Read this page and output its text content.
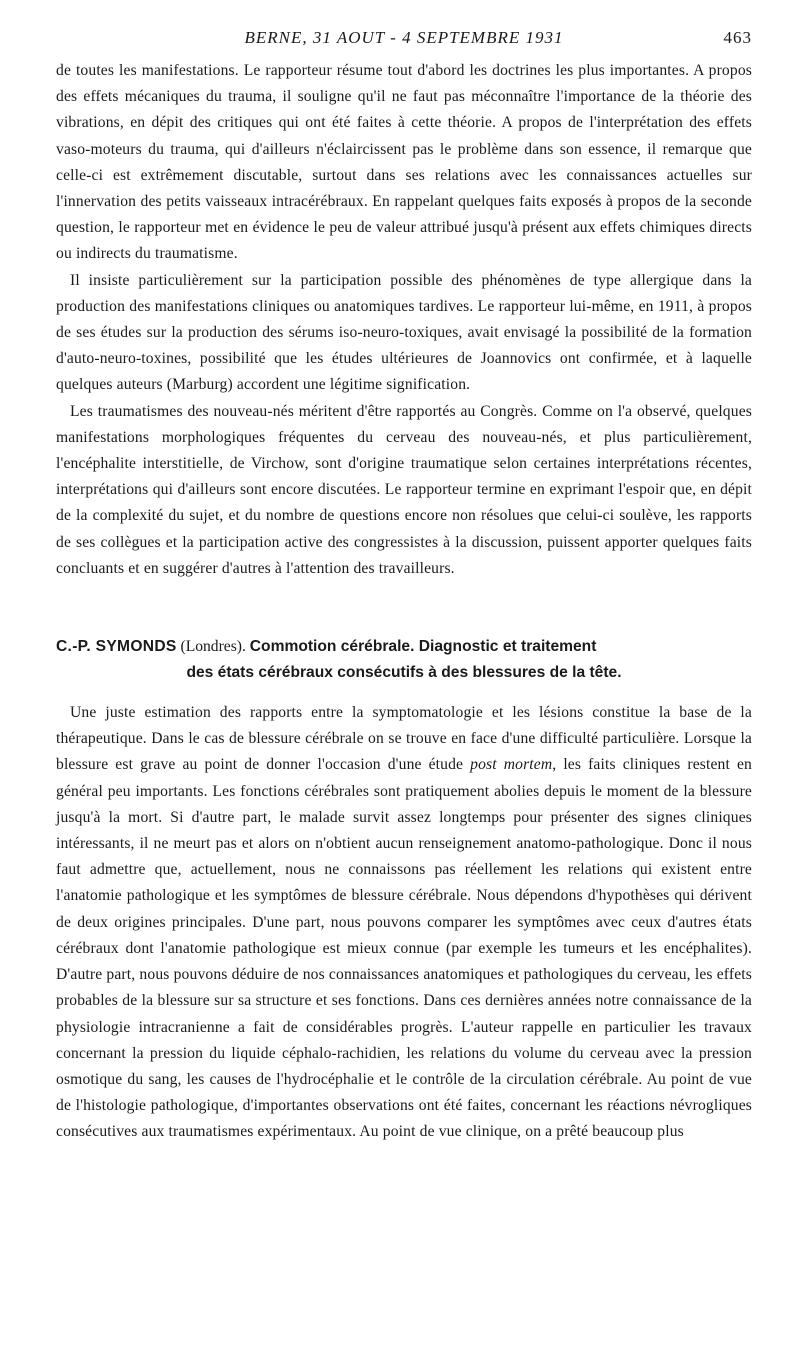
BERNE, 31 AOUT - 4 SEPTEMBRE 1931	463

de toutes les manifestations. Le rapporteur résume tout d'abord les doctrines les plus importantes. A propos des effets mécaniques du trauma, il souligne qu'il ne faut pas méconnaître l'importance de la théorie des vibrations, en dépit des critiques qui ont été faites à cette théorie. A propos de l'interprétation des effets vaso-moteurs du trauma, qui d'ailleurs n'éclaircissent pas le problème dans son essence, il remarque que celle-ci est extrêmement discutable, surtout dans ses relations avec les connaissances actuelles sur l'innervation des petits vaisseaux intracérébraux. En rappelant quelques faits exposés à propos de la seconde question, le rapporteur met en évidence le peu de valeur attribué jusqu'à présent aux effets chimiques directs ou indirects du traumatisme.

Il insiste particulièrement sur la participation possible des phénomènes de type allergique dans la production des manifestations cliniques ou anatomiques tardives. Le rapporteur lui-même, en 1911, à propos de ses études sur la production des sérums iso-neuro-toxiques, avait envisagé la possibilité de la formation d'auto-neuro-toxines, possibilité que les études ultérieures de Joannovics ont confirmée, et à laquelle quelques auteurs (Marburg) accordent une légitime signification.

Les traumatismes des nouveau-nés méritent d'être rapportés au Congrès. Comme on l'a observé, quelques manifestations morphologiques fréquentes du cerveau des nouveau-nés, et plus particulièrement, l'encéphalite interstitielle, de Virchow, sont d'origine traumatique selon certaines interprétations récentes, interprétations qui d'ailleurs sont encore discutées. Le rapporteur termine en exprimant l'espoir que, en dépit de la complexité du sujet, et du nombre de questions encore non résolues que celui-ci soulève, les rapports de ses collègues et la participation active des congressistes à la discussion, puissent apporter quelques faits concluants et en suggérer d'autres à l'attention des travailleurs.

C.-P. SYMONDS (Londres). Commotion cérébrale. Diagnostic et traitement
des états cérébraux consécutifs à des blessures de la tête.

Une juste estimation des rapports entre la symptomatologie et les lésions constitue la base de la thérapeutique. Dans le cas de blessure cérébrale on se trouve en face d'une difficulté particulière. Lorsque la blessure est grave au point de donner l'occasion d'une étude post mortem, les faits cliniques restent en général peu importants. Les fonctions cérébrales sont pratiquement abolies depuis le moment de la blessure jusqu'à la mort. Si d'autre part, le malade survit assez longtemps pour présenter des signes cliniques intéressants, il ne meurt pas et alors on n'obtient aucun renseignement anatomo-pathologique. Donc il nous faut admettre que, actuellement, nous ne connaissons pas réellement les relations qui existent entre l'anatomie pathologique et les symptômes de blessure cérébrale. Nous dépendons d'hypothèses qui dérivent de deux origines principales. D'une part, nous pouvons comparer les symptômes avec ceux d'autres états cérébraux dont l'anatomie pathologique est mieux connue (par exemple les tumeurs et les encéphalites). D'autre part, nous pouvons déduire de nos connaissances anatomiques et pathologiques du cerveau, les effets probables de la blessure sur sa structure et ses fonctions. Dans ces dernières années notre connaissance de la physiologie intracranienne a fait de considérables progrès. L'auteur rappelle en particulier les travaux concernant la pression du liquide céphalo-rachidien, les relations du volume du cerveau avec la pression osmotique du sang, les causes de l'hydrocéphalie et le contrôle de la circulation cérébrale. Au point de vue de l'histologie pathologique, d'importantes observations ont été faites, concernant les réactions névrogliques consécutives aux traumatismes expérimentaux. Au point de vue clinique, on a prêté beaucoup plus
